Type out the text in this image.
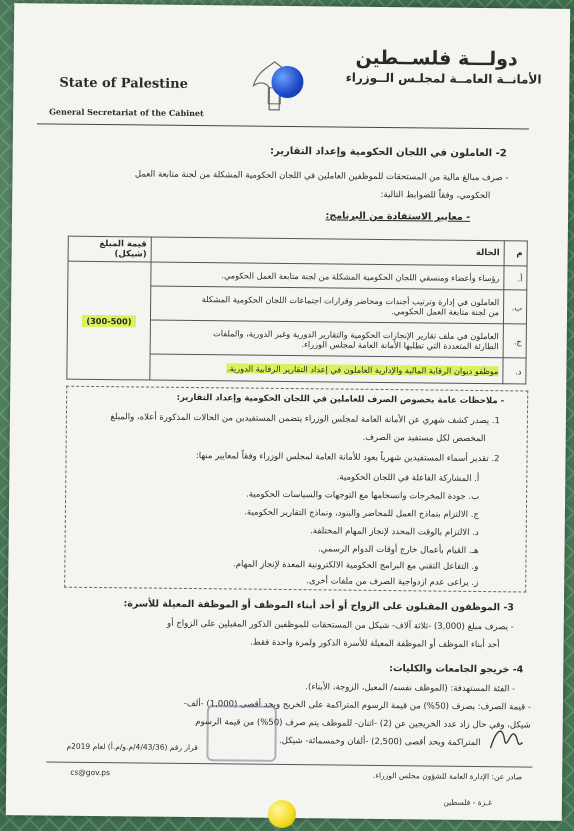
دولـــة فلســطين
الأمانــة العامــة لمجلـس الــوزراء
State of Palestine
General Secretariat of the Cabinet
2- العاملون في اللجان الحكومية وإعداد التقارير:
- صرف مبالغ مالية من المستحقات للموظفين العاملين في اللجان الحكومية المشكلة من لجنة متابعة العمل
الحكومي، وفقاً للضوابط التالية:
- معايير الاستفادة من البرنامج:
م	الحالة	قيمة المبلغ (شيكل)
أ.	رؤساء وأعضاء ومنسقي اللجان الحكومية المشكلة من لجنة متابعة العمل الحكومي.	(300-500)
ب.	العاملون في إدارة وترتيب أجندات ومحاضر وقرارات اجتماعات اللجان الحكومية المشكلة
من لجنة متابعة العمل الحكومي.	

ج.	العاملون في ملف تقارير الإنجازات الحكومية والتقارير الدورية وغير الدورية، والملفات
الطارئة المتعددة التي تطلبها الأمانة العامة لمجلس الوزراء.	

د.	موظفو ديوان الرقابة المالية والإدارية العاملون في إعداد التقارير الرقابية الدورية.	
- ملاحظات عامة بخصوص الصرف للعاملين في اللجان الحكومية وإعداد التقارير:
1. يصدر كشف شهري عن الأمانة العامة لمجلس الوزراء يتضمن المستفيدين من الحالات المذكورة أعلاه، والمبلغ
المخصص لكل مستفيد من الصرف.
2. تقدير أسماء المستفيدين شهرياً يعود للأمانة العامة لمجلس الوزراء وفقاً لمعايير منها:
أ. المشاركة الفاعلة في اللجان الحكومية.
ب. جودة المخرجات وانسجامها مع التوجهات والسياسات الحكومية.
ج. الالتزام بنماذج العمل للمحاضر والبنود، ونماذج التقارير الحكومية.
د. الالتزام بالوقت المحدد لإنجاز المهام المختلفة.
هـ. القيام بأعمال خارج أوقات الدوام الرسمي.
و. التفاعل التقني مع البرامج الحكومية الالكترونية المعدة لإنجاز المهام.
ز. يراعى عدم ازدواجية الصرف من ملفات أخرى.
3- الموظفون المقبلون على الزواج أو أحد أبناء الموظف أو الموظفة المعيلة للأسرة:
- يصرف مبلغ (3,000) -ثلاثة آلاف- شيكل من المستحقات للموظفين الذكور المقبلين على الزواج أو
أحد أبناء الموظف أو الموظفة المعيلة للأسرة الذكور ولمرة واحدة فقط.
4- خريجو الجامعات والكليات:
- الفئة المستهدفة: (الموظف نفسه/ المعيل، الزوجة، الأبناء).
- قيمة الصرف: يصرف (50%) من قيمة الرسوم المتراكمة على الخريج وبحد أقصى (1,000) -ألف-
شيكل، وفي حال زاد عدد الخريجين عن (2) -اثنان- للموظف يتم صرف (50%) من قيمة الرسوم
المتراكمة وبحد أقصى (2,500) -ألفان وخمسمائة- شيكل.
قرار رقم (4/43/36/م.و/م.أ) لعام 2019م
cs@gov.ps	صادر عن: الإدارة العامة للشؤون مجلس الوزراء.
غـزة - فلسطين
